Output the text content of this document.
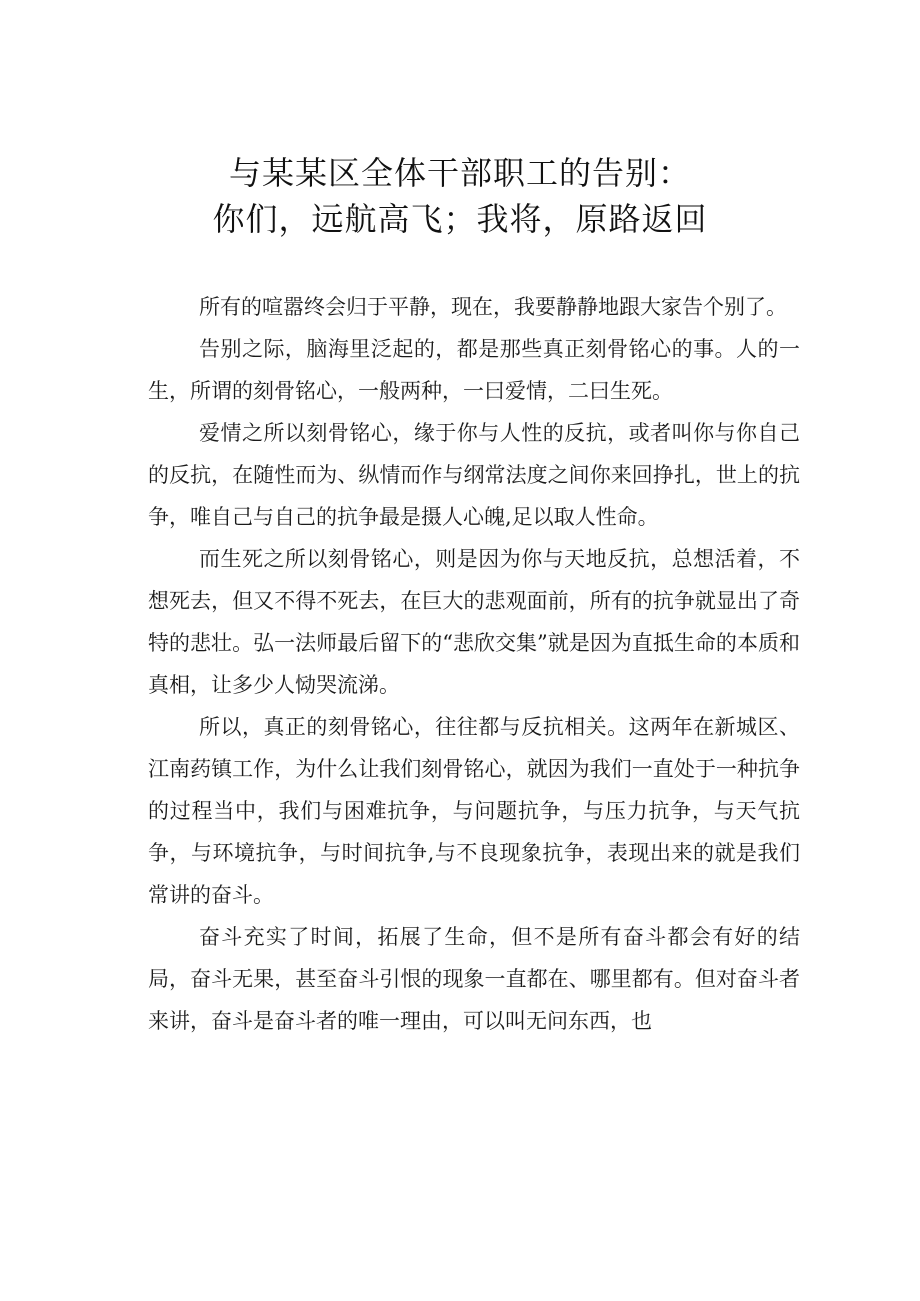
与某某区全体干部职工的告别：
你们，远航高飞；我将，原路返回

所有的喧嚣终会归于平静，现在，我要静静地跟大家告个别了。

告别之际，脑海里泛起的，都是那些真正刻骨铭心的事。人的一生，所谓的刻骨铭心，一般两种，一曰爱情，二曰生死。

爱情之所以刻骨铭心，缘于你与人性的反抗，或者叫你与你自己的反抗，在随性而为、纵情而作与纲常法度之间你来回挣扎，世上的抗争，唯自己与自己的抗争最是摄人心魄,足以取人性命。

而生死之所以刻骨铭心，则是因为你与天地反抗，总想活着，不想死去，但又不得不死去，在巨大的悲观面前，所有的抗争就显出了奇特的悲壮。弘一法师最后留下的“悲欣交集”就是因为直抵生命的本质和真相，让多少人恸哭流涕。

所以，真正的刻骨铭心，往往都与反抗相关。这两年在新城区、江南药镇工作，为什么让我们刻骨铭心，就因为我们一直处于一种抗争的过程当中，我们与困难抗争，与问题抗争，与压力抗争，与天气抗争，与环境抗争，与时间抗争,与不良现象抗争，表现出来的就是我们常讲的奋斗。

奋斗充实了时间，拓展了生命，但不是所有奋斗都会有好的结局，奋斗无果，甚至奋斗引恨的现象一直都在、哪里都有。但对奋斗者来讲，奋斗是奋斗者的唯一理由，可以叫无问东西，也
